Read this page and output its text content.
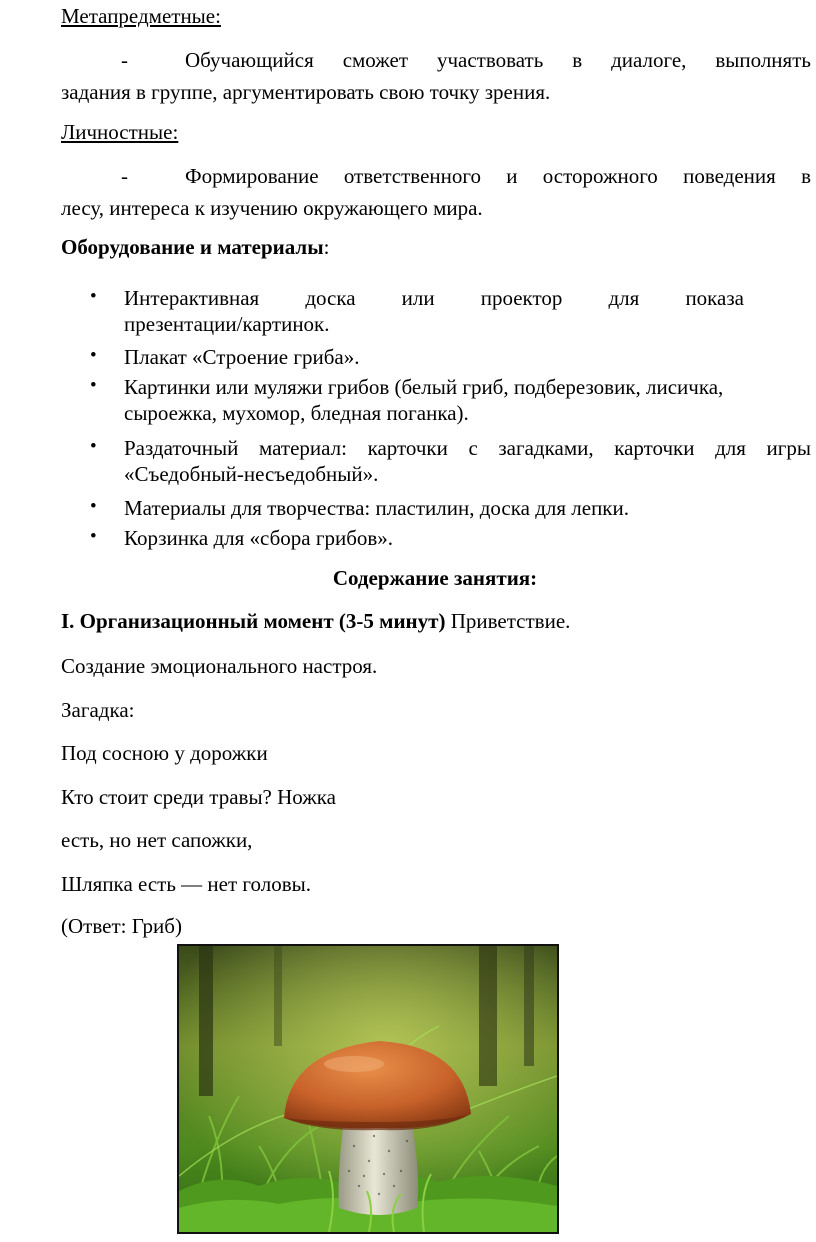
Метапредметные:
-	Обучающийся сможет участвовать в диалоге, выполнять
задания в группе, аргументировать свою точку зрения.
Личностные:
-	Формирование ответственного и осторожного поведения в
лесу, интереса к изучению окружающего мира.
Оборудование и материалы:
• Интерактивная доска или проектор для показа
презентации/картинок.
• Плакат «Строение гриба».
• Картинки или муляжи грибов (белый гриб, подберезовик, лисичка,
сыроежка, мухомор, бледная поганка).
• Раздаточный материал: карточки с загадками, карточки для игры
«Съедобный-несъедобный».
• Материалы для творчества: пластилин, доска для лепки.
• Корзинка для «сбора грибов».
Содержание занятия:
I. Организационный момент (3-5 минут) Приветствие.
Создание эмоционального настроя.
Загадка:
Под сосною у дорожки
Кто стоит среди травы? Ножка
есть, но нет сапожки,
Шляпка есть — нет головы.
(Ответ: Гриб)
